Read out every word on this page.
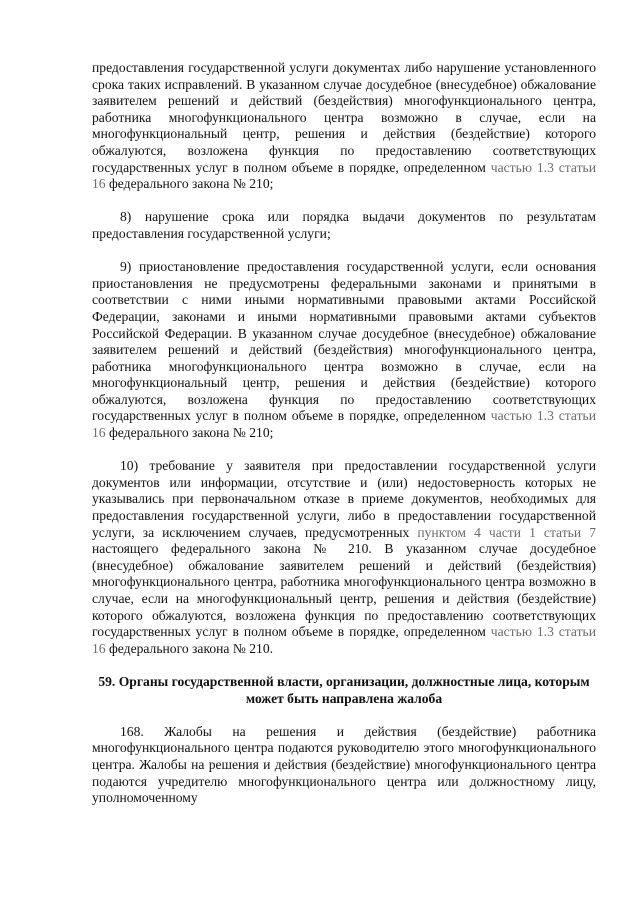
предоставления государственной услуги документах либо нарушение установленного срока таких исправлений. В указанном случае досудебное (внесудебное) обжалование заявителем решений и действий (бездействия) многофункционального центра, работника многофункционального центра возможно в случае, если на многофункциональный центр, решения и действия (бездействие) которого обжалуются, возложена функция по предоставлению соответствующих государственных услуг в полном объеме в порядке, определенном частью 1.3 статьи 16 федерального закона № 210;

8) нарушение срока или порядка выдачи документов по результатам предоставления государственной услуги;

9) приостановление предоставления государственной услуги, если основания приостановления не предусмотрены федеральными законами и принятыми в соответствии с ними иными нормативными правовыми актами Российской Федерации, законами и иными нормативными правовыми актами субъектов Российской Федерации. В указанном случае досудебное (внесудебное) обжалование заявителем решений и действий (бездействия) многофункционального центра, работника многофункционального центра возможно в случае, если на многофункциональный центр, решения и действия (бездействие) которого обжалуются, возложена функция по предоставлению соответствующих государственных услуг в полном объеме в порядке, определенном частью 1.3 статьи 16 федерального закона № 210;

10) требование у заявителя при предоставлении государственной услуги документов или информации, отсутствие и (или) недостоверность которых не указывались при первоначальном отказе в приеме документов, необходимых для предоставления государственной услуги, либо в предоставлении государственной услуги, за исключением случаев, предусмотренных пунктом 4 части 1 статьи 7 настоящего федерального закона № 210. В указанном случае досудебное (внесудебное) обжалование заявителем решений и действий (бездействия) многофункционального центра, работника многофункционального центра возможно в случае, если на многофункциональный центр, решения и действия (бездействие) которого обжалуются, возложена функция по предоставлению соответствующих государственных услуг в полном объеме в порядке, определенном частью 1.3 статьи 16 федерального закона № 210.

59. Органы государственной власти, организации, должностные лица, которым может быть направлена жалоба

168. Жалобы на решения и действия (бездействие) работника многофункционального центра подаются руководителю этого многофункционального центра. Жалобы на решения и действия (бездействие) многофункционального центра подаются учредителю многофункционального центра или должностному лицу, уполномоченному
